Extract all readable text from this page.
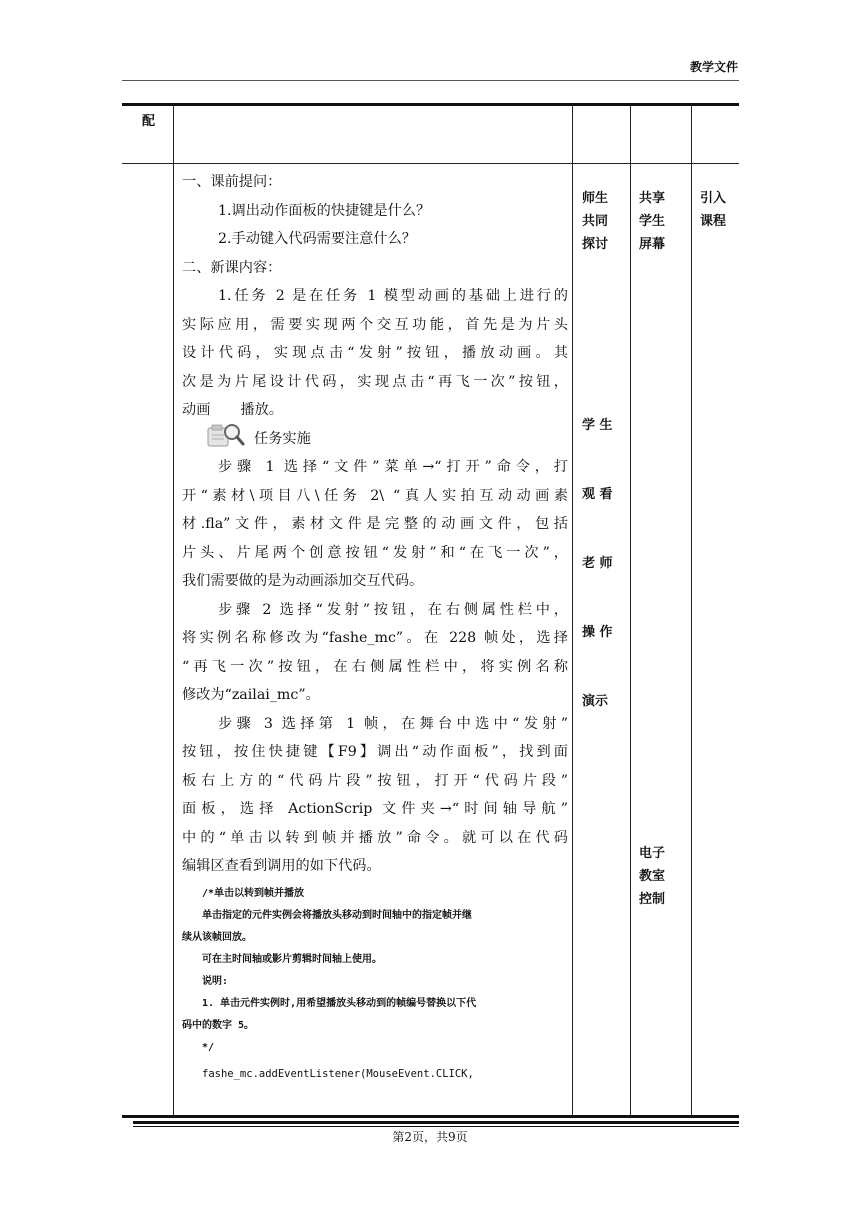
教学文件
配
师生
共同
探讨

学 生

观 看

老 师

操 作

演示

共享
学生
屏幕
电子
教室
控制
引入
课程

一、课前提问：

1.调出动作面板的快捷键是什么？

2.手动键入代码需要注意什么？

二、新课内容：

1.任务 2 是在任务 1 模型动画的基础上进行的

实际应用，需要实现两个交互功能，首先是为片头

设计代码，实现点击“发射”按钮，播放动画。其

次是为片尾设计代码，实现点击“再飞一次”按钮，

动画 播放。

任务实施

步骤 1 选择“文件”菜单→“打开”命令，打

开“素材\项目八\任务 2\ “真人实拍互动动画素

材.fla”文件，素材文件是完整的动画文件，包括

片头、片尾两个创意按钮“发射”和“在飞一次”，

我们需要做的是为动画添加交互代码。

步骤 2 选择“发射”按钮，在右侧属性栏中，

将实例名称修改为“fashe_mc”。在 228 帧处，选择

“再飞一次”按钮，在右侧属性栏中，将实例名称

修改为“zailai_mc”。

步骤 3 选择第 1 帧，在舞台中选中“发射”

按钮，按住快捷键【F9】调出“动作面板”，找到面

板右上方的“代码片段”按钮，打开“代码片段”

面板，选择 ActionScrip 文件夹→“时间轴导航”

中的“单击以转到帧并播放”命令。就可以在代码

编辑区查看到调用的如下代码。

/*单击以转到帧并播放

单击指定的元件实例会将播放头移动到时间轴中的指定帧并继

续从该帧回放。

可在主时间轴或影片剪辑时间轴上使用。

说明:

1. 单击元件实例时,用希望播放头移动到的帧编号替换以下代

码中的数字 5。

*/

fashe_mc.addEventListener(MouseEvent.CLICK,

第2页，共9页
